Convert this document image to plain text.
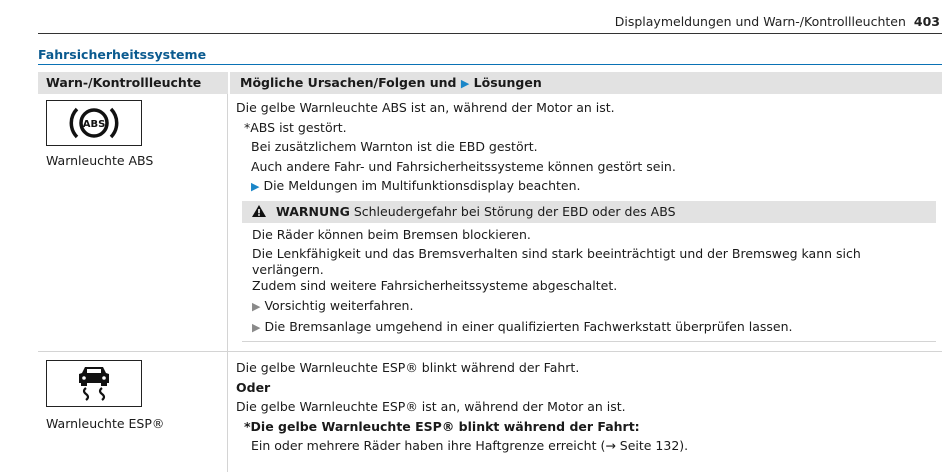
Displaymeldungen und Warn-/Kontrollleuchten 403
Fahrsicherheitssysteme
Warn-/Kontrollleuchte	Mögliche Ursachen/Folgen und ▶ Lösungen
ABS
Warnleuchte ABS
Die gelbe Warnleuchte ABS ist an, während der Motor an ist.
*ABS ist gestört.
Bei zusätzlichem Warnton ist die EBD gestört.
Auch andere Fahr- und Fahrsicherheitssysteme können gestört sein.
▶ Die Meldungen im Multifunktionsdisplay beachten.
WARNUNG Schleudergefahr bei Störung der EBD oder des ABS
Die Räder können beim Bremsen blockieren.
Die Lenkfähigkeit und das Bremsverhalten sind stark beeinträchtigt und der Bremsweg kann sich verlängern.
Zudem sind weitere Fahrsicherheitssysteme abgeschaltet.
▶ Vorsichtig weiterfahren.
▶ Die Bremsanlage umgehend in einer qualifizierten Fachwerkstatt überprüfen lassen.
Warnleuchte ESP®
Die gelbe Warnleuchte ESP® blinkt während der Fahrt.
Oder
Die gelbe Warnleuchte ESP® ist an, während der Motor an ist.
*Die gelbe Warnleuchte ESP® blinkt während der Fahrt:
Ein oder mehrere Räder haben ihre Haftgrenze erreicht (→ Seite 132).
